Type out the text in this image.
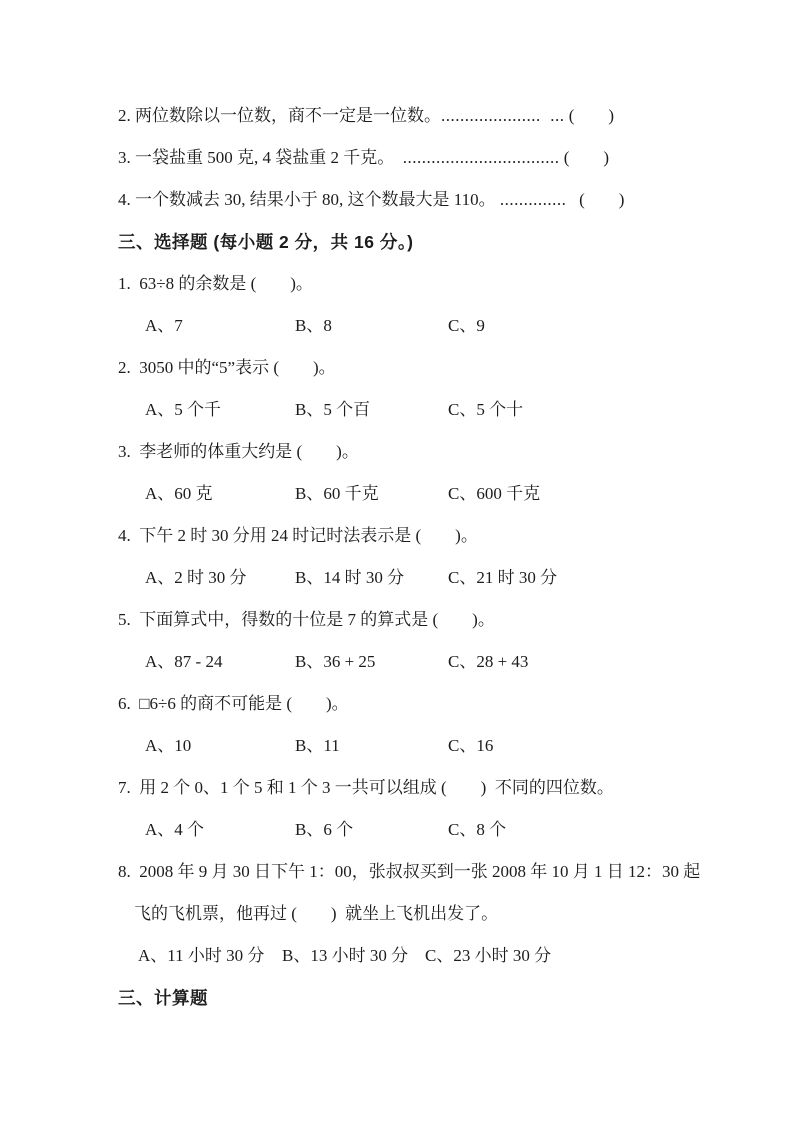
2. 两位数除以一位数，商不一定是一位数。 .....................  ... (        )
3. 一袋盐重 500 克, 4 袋盐重 2 千克。 ................................. (        )
4. 一个数减去 30, 结果小于 80, 这个数最大是 110。 .............. (        )
三、选择题 (每小题 2 分，共 16 分。)
1.  63÷8 的余数是 (        )。
A、7	B、8	C、9
2.  3050 中的“5”表示 (        )。
A、5 个千	B、5 个百	C、5 个十
3.  李老师的体重大约是 (        )。
A、60 克	B、60 千克	C、600 千克
4.  下午 2 时 30 分用 24 时记时法表示是 (        )。
A、2 时 30 分	B、14 时 30 分	C、21 时 30 分
5.  下面算式中，得数的十位是 7 的算式是 (        )。
A、87 - 24	B、36 + 25	C、28 + 43
6.  □6÷6 的商不可能是 (        )。
A、10	B、11	C、16
7.  用 2 个 0、1 个 5 和 1 个 3 一共可以组成 (        )  不同的四位数。
A、4 个	B、6 个	C、8 个
8.  2008 年 9 月 30 日下午 1：00，张叔叔买到一张 2008 年 10 月 1 日 12：30 起
飞的飞机票，他再过 (        )  就坐上飞机出发了。
A、11 小时 30 分	B、13 小时 30 分 C、23 小时 30 分
三、计算题
